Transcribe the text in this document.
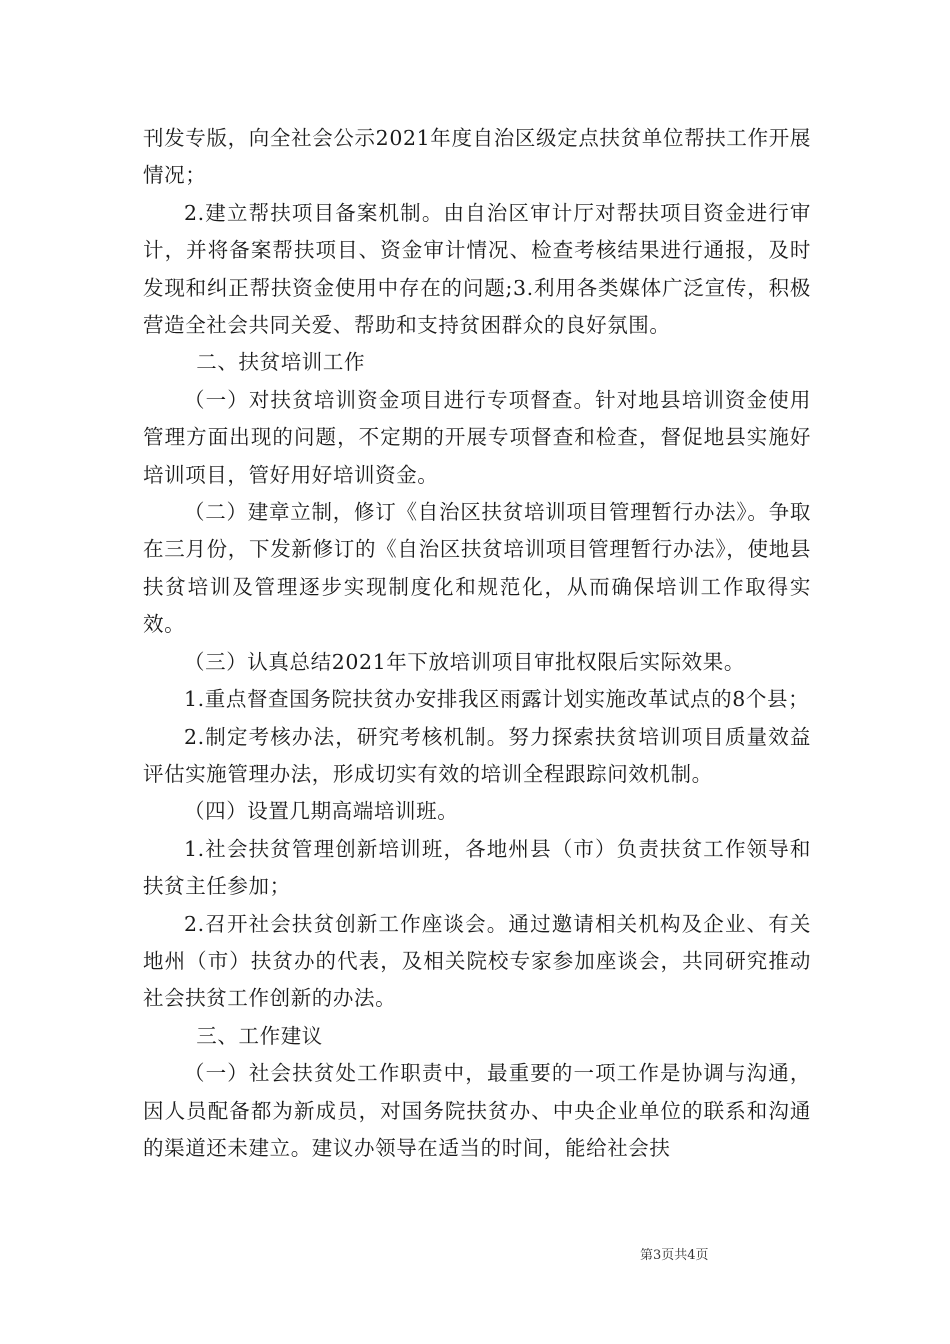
刊发专版，向全社会公示2021年度自治区级定点扶贫单位帮扶工作开展情况；

2.建立帮扶项目备案机制。由自治区审计厅对帮扶项目资金进行审计，并将备案帮扶项目、资金审计情况、检查考核结果进行通报，及时发现和纠正帮扶资金使用中存在的问题;3.利用各类媒体广泛宣传，积极营造全社会共同关爱、帮助和支持贫困群众的良好氛围。

二、扶贫培训工作

（一）对扶贫培训资金项目进行专项督查。针对地县培训资金使用管理方面出现的问题，不定期的开展专项督查和检查，督促地县实施好培训项目，管好用好培训资金。

（二）建章立制，修订《自治区扶贫培训项目管理暂行办法》。争取在三月份，下发新修订的《自治区扶贫培训项目管理暂行办法》，使地县扶贫培训及管理逐步实现制度化和规范化，从而确保培训工作取得实效。

（三）认真总结2021年下放培训项目审批权限后实际效果。

1.重点督查国务院扶贫办安排我区雨露计划实施改革试点的8个县；

2.制定考核办法，研究考核机制。努力探索扶贫培训项目质量效益评估实施管理办法，形成切实有效的培训全程跟踪问效机制。

（四）设置几期高端培训班。

1.社会扶贫管理创新培训班，各地州县（市）负责扶贫工作领导和扶贫主任参加；

2.召开社会扶贫创新工作座谈会。通过邀请相关机构及企业、有关地州（市）扶贫办的代表，及相关院校专家参加座谈会，共同研究推动社会扶贫工作创新的办法。

三、工作建议

（一）社会扶贫处工作职责中，最重要的一项工作是协调与沟通，因人员配备都为新成员，对国务院扶贫办、中央企业单位的联系和沟通的渠道还未建立。建议办领导在适当的时间，能给社会扶

第3页共4页
